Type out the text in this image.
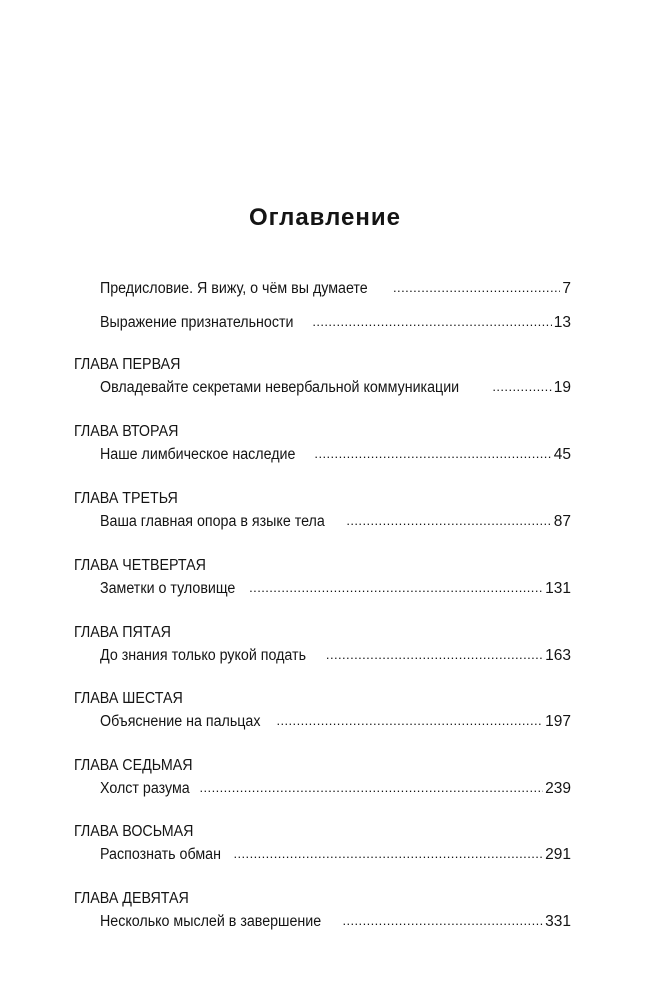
Оглавление
Предисловие. Я вижу, о чём вы думаете . . .	7
Выражение признательности . . .	13
ГЛАВА ПЕРВАЯ
Овладевайте секретами невербальной коммуникации . . .	19
ГЛАВА ВТОРАЯ
Наше лимбическое наследие . . .	45
ГЛАВА ТРЕТЬЯ
Ваша главная опора в языке тела . . .	87
ГЛАВА ЧЕТВЕРТАЯ
Заметки о туловище . . .	131
ГЛАВА ПЯТАЯ
До знания только рукой подать . . .	163
ГЛАВА ШЕСТАЯ
Объяснение на пальцах . . .	197
ГЛАВА СЕДЬМАЯ
Холст разума . . .	239
ГЛАВА ВОСЬМАЯ
Распознать обман . . .	291
ГЛАВА ДЕВЯТАЯ
Несколько мыслей в завершение . . .	331
